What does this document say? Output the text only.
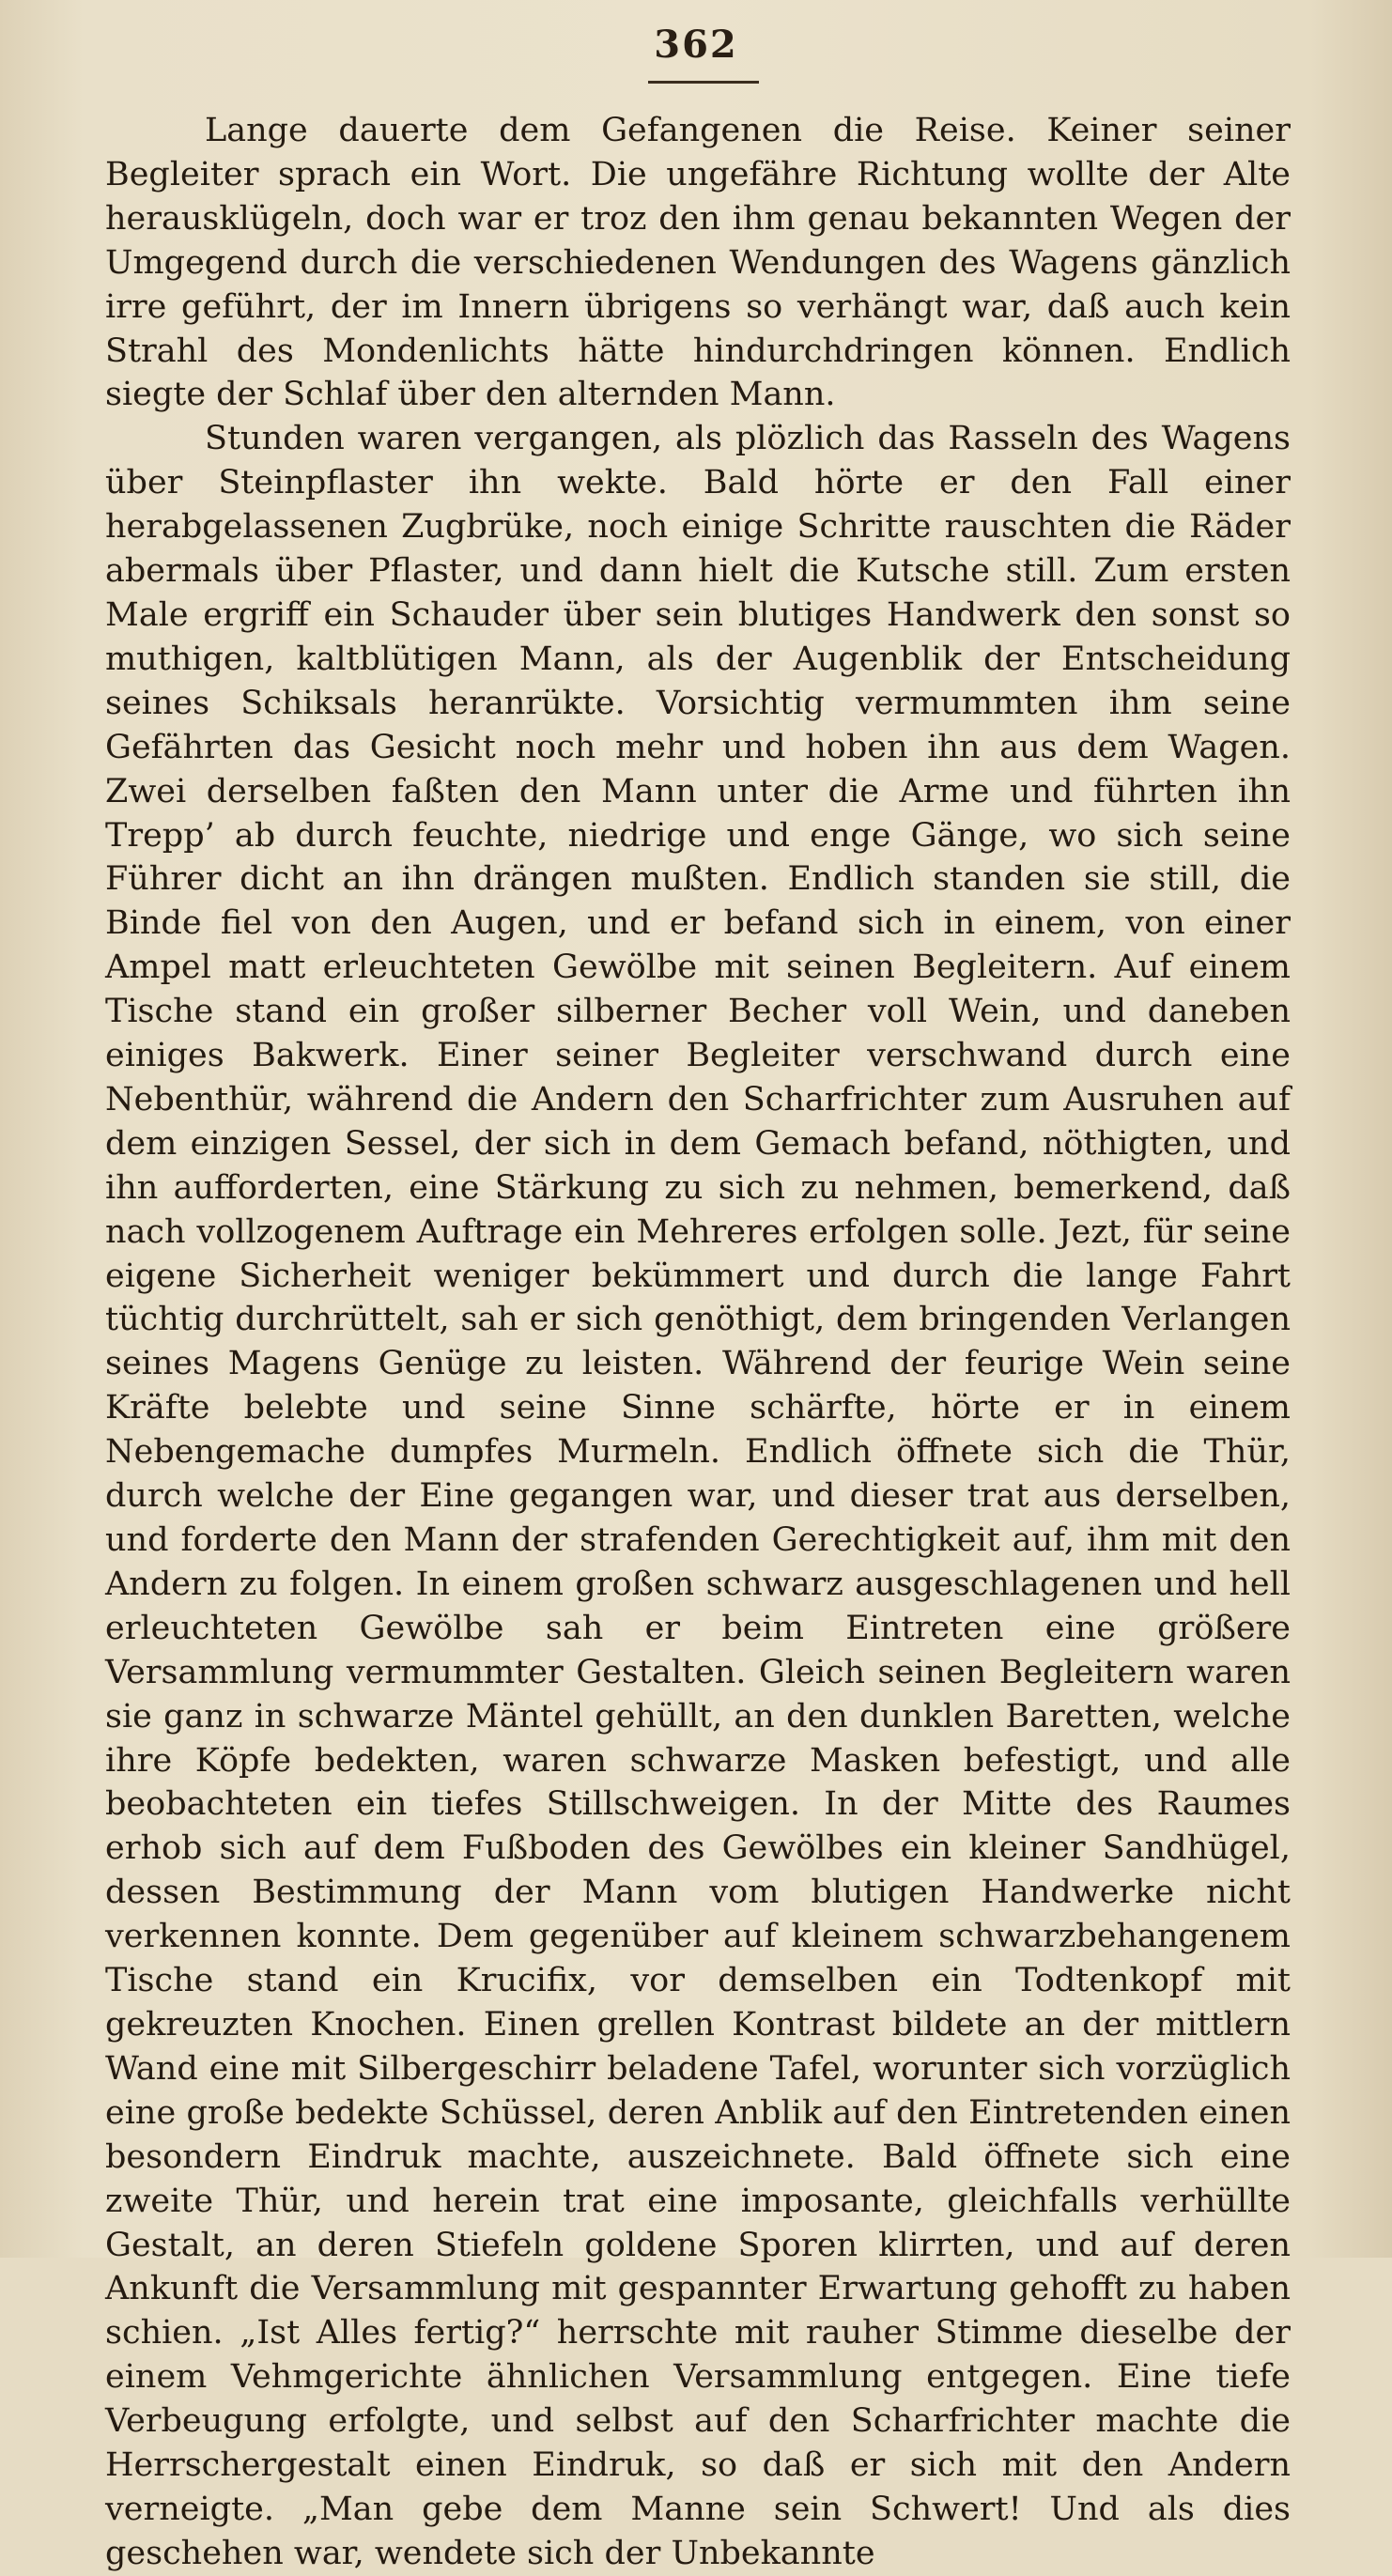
362

Lange dauerte dem Gefangenen die Reise. Keiner seiner Begleiter sprach ein Wort. Die ungefähre Richtung wollte der Alte herausklügeln, doch war er troz den ihm genau bekannten Wegen der Umgegend durch die verschiedenen Wendungen des Wagens gänzlich irre geführt, der im Innern übrigens so verhängt war, daß auch kein Strahl des Mondenlichts hätte hindurchdringen können. Endlich siegte der Schlaf über den alternden Mann.

Stunden waren vergangen, als plözlich das Rasseln des Wagens über Steinpflaster ihn wekte. Bald hörte er den Fall einer herabgelassenen Zugbrüke, noch einige Schritte rauschten die Räder abermals über Pflaster, und dann hielt die Kutsche still. Zum ersten Male ergriff ein Schauder über sein blutiges Handwerk den sonst so muthigen, kaltblütigen Mann, als der Augenblik der Entscheidung seines Schiksals heranrükte. Vorsichtig vermummten ihm seine Gefährten das Gesicht noch mehr und hoben ihn aus dem Wagen. Zwei derselben faßten den Mann unter die Arme und führten ihn Trepp’ ab durch feuchte, niedrige und enge Gänge, wo sich seine Führer dicht an ihn drängen mußten. Endlich standen sie still, die Binde fiel von den Augen, und er befand sich in einem, von einer Ampel matt erleuchteten Gewölbe mit seinen Begleitern. Auf einem Tische stand ein großer silberner Becher voll Wein, und daneben einiges Bakwerk. Einer seiner Begleiter verschwand durch eine Nebenthür, während die Andern den Scharfrichter zum Ausruhen auf dem einzigen Sessel, der sich in dem Gemach befand, nöthigten, und ihn aufforderten, eine Stärkung zu sich zu nehmen, bemerkend, daß nach vollzogenem Auftrage ein Mehreres erfolgen solle. Jezt, für seine eigene Sicherheit weniger bekümmert und durch die lange Fahrt tüchtig durchrüttelt, sah er sich genöthigt, dem bringenden Verlangen seines Magens Genüge zu leisten. Während der feurige Wein seine Kräfte belebte und seine Sinne schärfte, hörte er in einem Nebengemache dumpfes Murmeln. Endlich öffnete sich die Thür, durch welche der Eine gegangen war, und dieser trat aus derselben, und forderte den Mann der strafenden Gerechtigkeit auf, ihm mit den Andern zu folgen. In einem großen schwarz ausgeschlagenen und hell erleuchteten Gewölbe sah er beim Eintreten eine größere Versammlung vermummter Gestalten. Gleich seinen Begleitern waren sie ganz in schwarze Mäntel gehüllt, an den dunklen Baretten, welche ihre Köpfe bedekten, waren schwarze Masken befestigt, und alle beobachteten ein tiefes Stillschweigen. In der Mitte des Raumes erhob sich auf dem Fußboden des Gewölbes ein kleiner Sandhügel, dessen Bestimmung der Mann vom blutigen Handwerke nicht verkennen konnte. Dem gegenüber auf kleinem schwarzbehangenem Tische stand ein Krucifix, vor demselben ein Todtenkopf mit gekreuzten Knochen. Einen grellen Kontrast bildete an der mittlern Wand eine mit Silbergeschirr beladene Tafel, worunter sich vorzüglich eine große bedekte Schüssel, deren Anblik auf den Eintretenden einen besondern Eindruk machte, auszeichnete. Bald öffnete sich eine zweite Thür, und herein trat eine imposante, gleichfalls verhüllte Gestalt, an deren Stiefeln goldene Sporen klirrten, und auf deren Ankunft die Versammlung mit gespannter Erwartung gehofft zu haben schien. „Ist Alles fertig?“ herrschte mit rauher Stimme dieselbe der einem Vehmgerichte ähnlichen Versammlung entgegen. Eine tiefe Verbeugung erfolgte, und selbst auf den Scharfrichter machte die Herrschergestalt einen Eindruk, so daß er sich mit den Andern verneigte. „Man gebe dem Manne sein Schwert! Und als dies geschehen war, wendete sich der Unbekannte
